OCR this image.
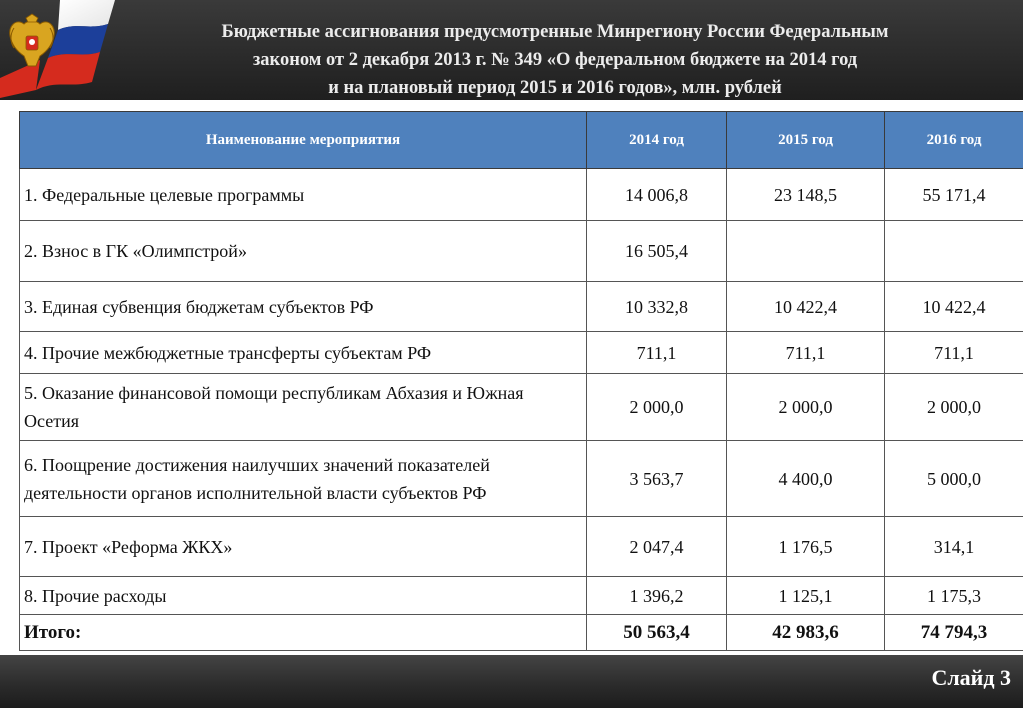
Бюджетные ассигнования предусмотренные Минрегиону России Федеральным
законом от 2 декабря 2013 г. № 349 «О федеральном бюджете на 2014 год
и на плановый период 2015 и 2016 годов», млн. рублей
Наименование мероприятия	2014 год	2015 год	2016 год
1. Федеральные целевые программы	14 006,8	23 148,5	55 171,4
2. Взнос в ГК «Олимпстрой»	16 505,4		
3. Единая субвенция бюджетам субъектов РФ	10 332,8	10 422,4	10 422,4
4. Прочие межбюджетные трансферты субъектам РФ	711,1	711,1	711,1
5. Оказание финансовой помощи республикам Абхазия и Южная Осетия	2 000,0	2 000,0	2 000,0
6. Поощрение достижения наилучших значений показателей деятельности органов исполнительной власти субъектов РФ	3 563,7	4 400,0	5 000,0
7. Проект «Реформа ЖКХ»	2 047,4	1 176,5	314,1
8. Прочие расходы	1 396,2	1 125,1	1 175,3
Итого:	50 563,4	42 983,6	74 794,3
Слайд 3
